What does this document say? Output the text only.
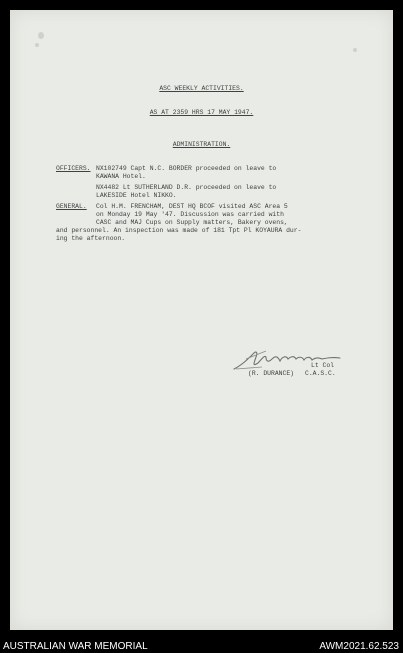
ASC WEEKLY ACTIVITIES.
AS AT 2359 HRS 17 MAY 1947.
ADMINISTRATION.
OFFICERS. NX102749 Capt N.C. BORDER proceeded on leave to
KAWANA Hotel.
NX4482 Lt SUTHERLAND D.R. proceeded on leave to
LAKESIDE Hotel NIKKO.
GENERAL. Col H.M. FRENCHAM, DEST HQ BCOF visited ASC Area 5
on Monday 19 May '47. Discussion was carried with
CASC and MAJ Cups on Supply matters, Bakery ovens,
and personnel. An inspection was made of 181 Tpt Pl KOYAURA dur-
ing the afternoon.
Lt Col
(R. DURANCE) C.A.S.C.
AUSTRALIAN WAR MEMORIAL	AWM2021.62.523
